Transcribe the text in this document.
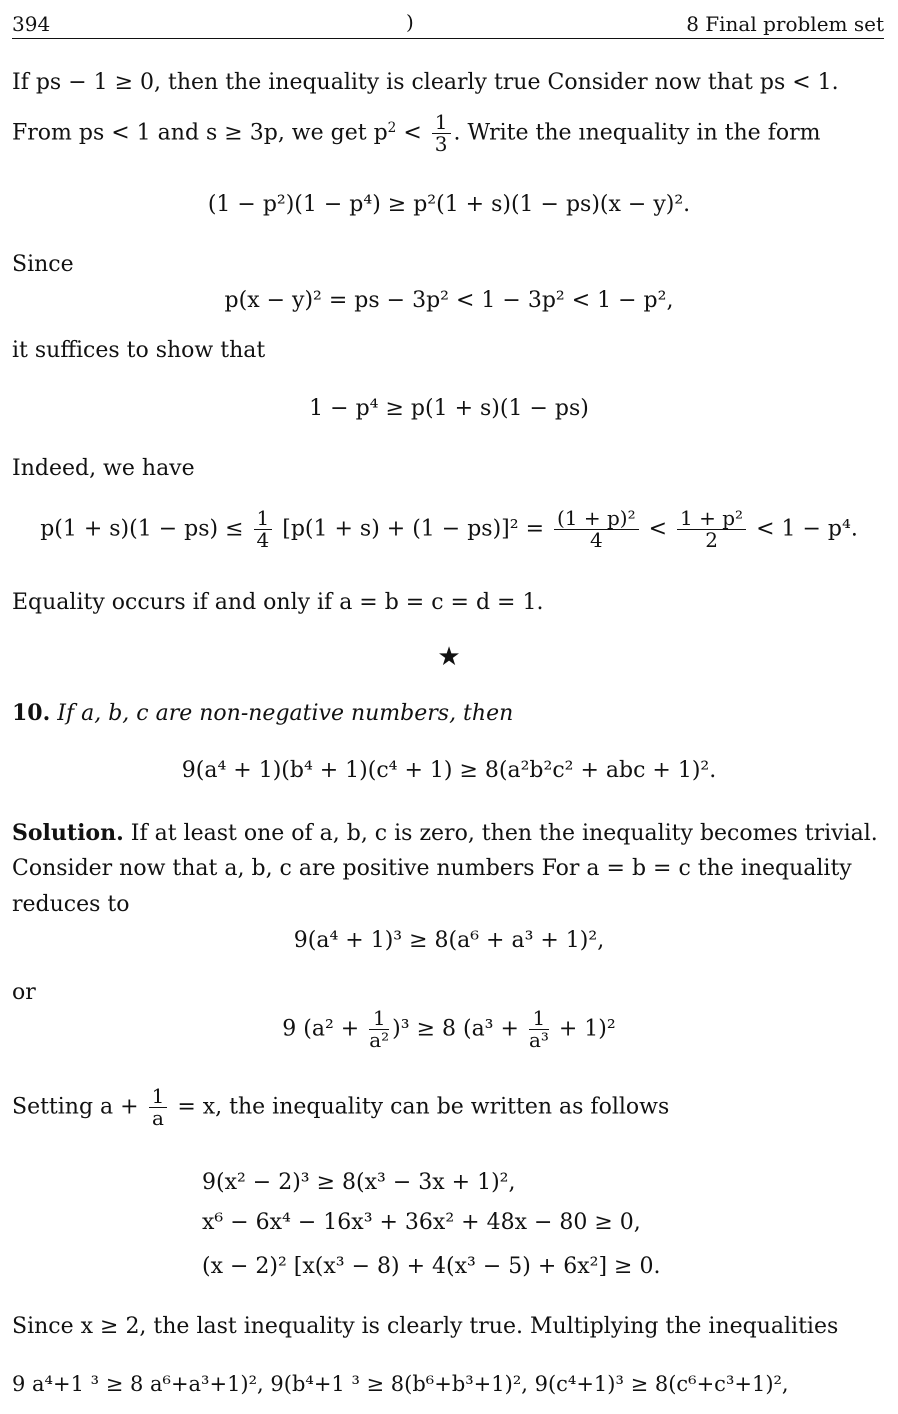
394	)	8 Final problem set
If ps − 1 ≥ 0, then the inequality is clearly true Consider now that ps < 1.
From ps < 1 and s ≥ 3p, we get $p^2 < \frac{1}{3}$ . Write the ınequality in the form
(1 − p²)(1 − p⁴) ≥ p²(1 + s)(1 − ps)(x − y)².
Since
p(x − y)² = ps − 3p² < 1 − 3p² < 1 − p²,
it suffices to show that
1 − p⁴ ≥ p(1 + s)(1 − ps)
Indeed, we have
$p(1 + s)(1 - ps) \le \frac{1}{4} [p(1 + s) + (1 - ps)]^2 = \frac{\text{(1 + p)²}}{4} < \frac{\text{1 + p²}}{2} < 1 - p^4$.
Equality occurs if and only if a = b = c = d = 1.
★
10. If a, b, c are non-negative numbers, then
9(a⁴ + 1)(b⁴ + 1)(c⁴ + 1) ≥ 8(a²b²c² + abc + 1)².
Solution. If at least one of a, b, c is zero, then the inequality becomes trivial.
Consider now that a, b, c are positive numbers For a = b = c the inequality
reduces to
9(a⁴ + 1)³ ≥ 8(a⁶ + a³ + 1)²,
or
9 $(a^2 + \frac{1}{\text{a²}} )^3 \ge 8$ $(a^3 + \frac{1}{\text{a³}} + 1)^2$
Setting $a + \frac{1}{a} = x$, the inequality can be written as follows
9(x² − 2)³ ≥ 8(x³ − 3x + 1)²,
x⁶ − 6x⁴ − 16x³ + 36x² + 48x − 80 ≥ 0,
(x − 2)² [x(x³ − 8) + 4(x³ − 5) + 6x²] ≥ 0.
Since x ≥ 2, the last inequality is clearly true. Multiplying the inequalities
9 a⁴+1 ³ ≥ 8 a⁶+a³+1)², 9(b⁴+1 ³ ≥ 8(b⁶+b³+1)², 9(c⁴+1)³ ≥ 8(c⁶+c³+1)²,
